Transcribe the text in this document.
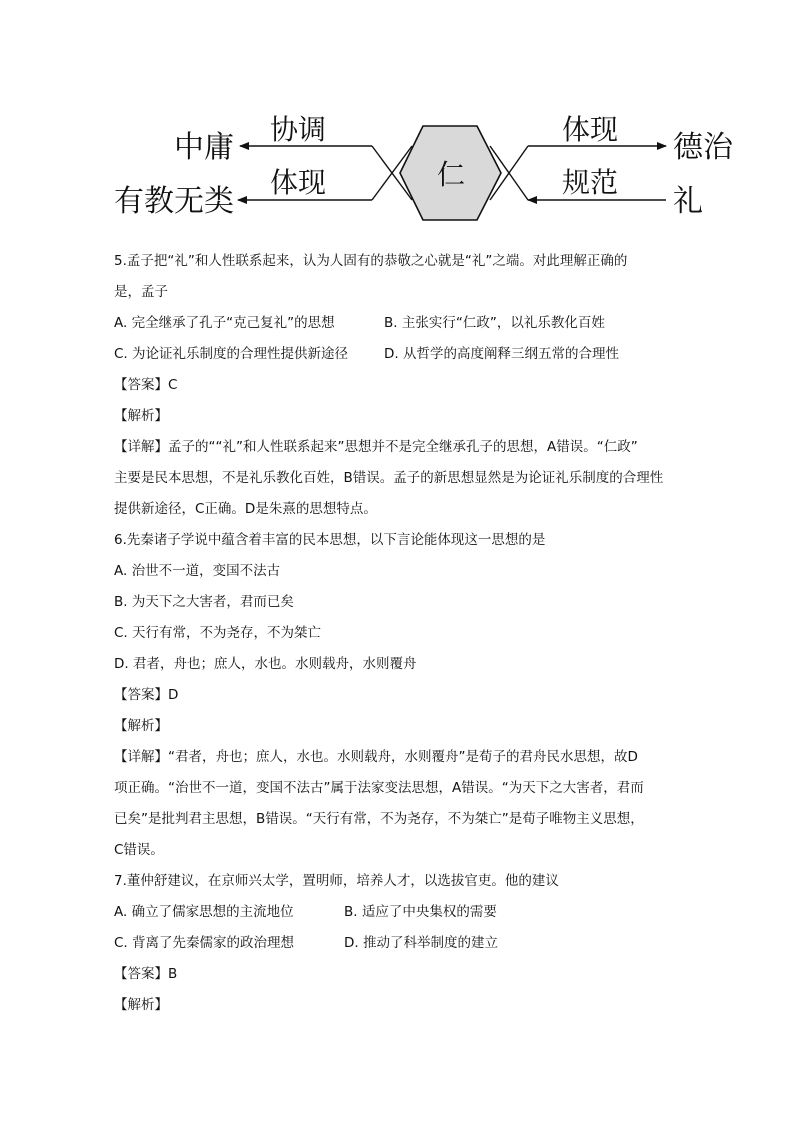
仁
中庸
有教无类
协调
体现
体现
规范
德治
礼
5.孟子把“礼”和人性联系起来，认为人固有的恭敬之心就是“礼”之端。对此理解正确的
是，孟子
A. 完全继承了孔子“克己复礼”的思想	B. 主张实行“仁政”，以礼乐教化百姓
C. 为论证礼乐制度的合理性提供新途径	D. 从哲学的高度阐释三纲五常的合理性
【答案】C
【解析】
【详解】孟子的““礼”和人性联系起来”思想并不是完全继承孔子的思想，A错误。“仁政”
主要是民本思想，不是礼乐教化百姓，B错误。孟子的新思想显然是为论证礼乐制度的合理性
提供新途径，C正确。D是朱熹的思想特点。
6.先秦诸子学说中蕴含着丰富的民本思想，以下言论能体现这一思想的是
A. 治世不一道，变国不法古
B. 为天下之大害者，君而已矣
C. 天行有常，不为尧存，不为桀亡
D. 君者，舟也；庶人，水也。水则载舟，水则覆舟
【答案】D
【解析】
【详解】“君者，舟也；庶人，水也。水则载舟，水则覆舟”是荀子的君舟民水思想，故D
项正确。“治世不一道，变国不法古”属于法家变法思想，A错误。“为天下之大害者，君而
已矣”是批判君主思想，B错误。“天行有常，不为尧存，不为桀亡”是荀子唯物主义思想，
C错误。
7.董仲舒建议，在京师兴太学，置明师，培养人才，以选拔官吏。他的建议
A. 确立了儒家思想的主流地位	B. 适应了中央集权的需要
C. 背离了先秦儒家的政治理想	D. 推动了科举制度的建立
【答案】B
【解析】
